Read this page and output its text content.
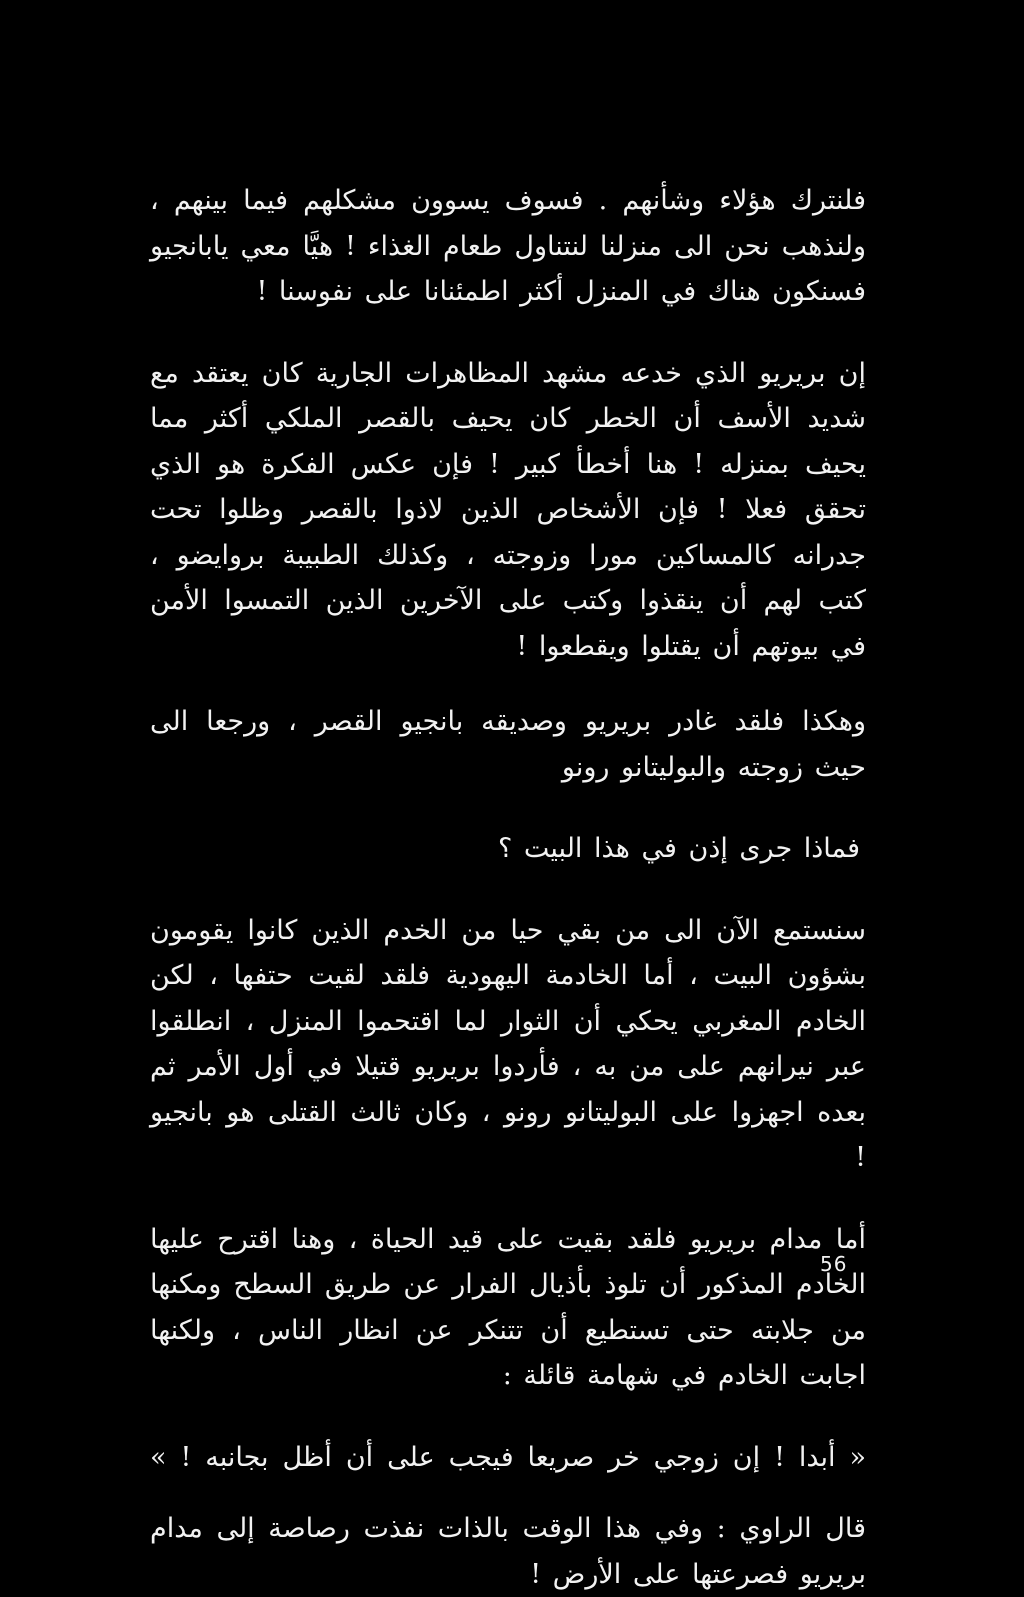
فلنترك هؤلاء وشأنهم . فسوف يسوون مشكلهم فيما بينهم ، ولنذهب نحن الى منزلنا لنتناول طعام الغذاء ! هيَّا معي يابانجيو فسنكون هناك في المنزل أكثر اطمئنانا على نفوسنا !

إن بريريو الذي خدعه مشهد المظاهرات الجارية كان يعتقد مع شديد الأسف أن الخطر كان يحيف بالقصر الملكي أكثر مما يحيف بمنزله ! هنا أخطأ كبير ! فإن عكس الفكرة هو الذي تحقق فعلا ! فإن الأشخاص الذين لاذوا بالقصر وظلوا تحت جدرانه كالمساكين مورا وزوجته ، وكذلك الطبيبة بروايضو ، كتب لهم أن ينقذوا وكتب على الآخرين الذين التمسوا الأمن في بيوتهم أن يقتلوا ويقطعوا !

وهكذا فلقد غادر بريريو وصديقه بانجيو القصر ، ورجعا الى حيث زوجته والبوليتانو رونو

فماذا جرى إذن في هذا البيت ؟

سنستمع الآن الى من بقي حيا من الخدم الذين كانوا يقومون بشؤون البيت ، أما الخادمة اليهودية فلقد لقيت حتفها ، لكن الخادم المغربي يحكي أن الثوار لما اقتحموا المنزل ، انطلقوا عبر نيرانهم على من به ، فأردوا بريريو قتيلا في أول الأمر ثم بعده اجهزوا على البوليتانو رونو ، وكان ثالث القتلى هو بانجيو !

أما مدام بريريو فلقد بقيت على قيد الحياة ، وهنا اقترح عليها الخادم المذكور أن تلوذ بأذيال الفرار عن طريق السطح ومكنها من جلابته حتى تستطيع أن تتنكر عن انظار الناس ، ولكنها اجابت الخادم في شهامة قائلة :

« أبدا ! إن زوجي خر صريعا فيجب على أن أظل بجانبه ! »

قال الراوي : وفي هذا الوقت بالذات نفذت رصاصة إلى مدام بريريو فصرعتها على الأرض !

56
